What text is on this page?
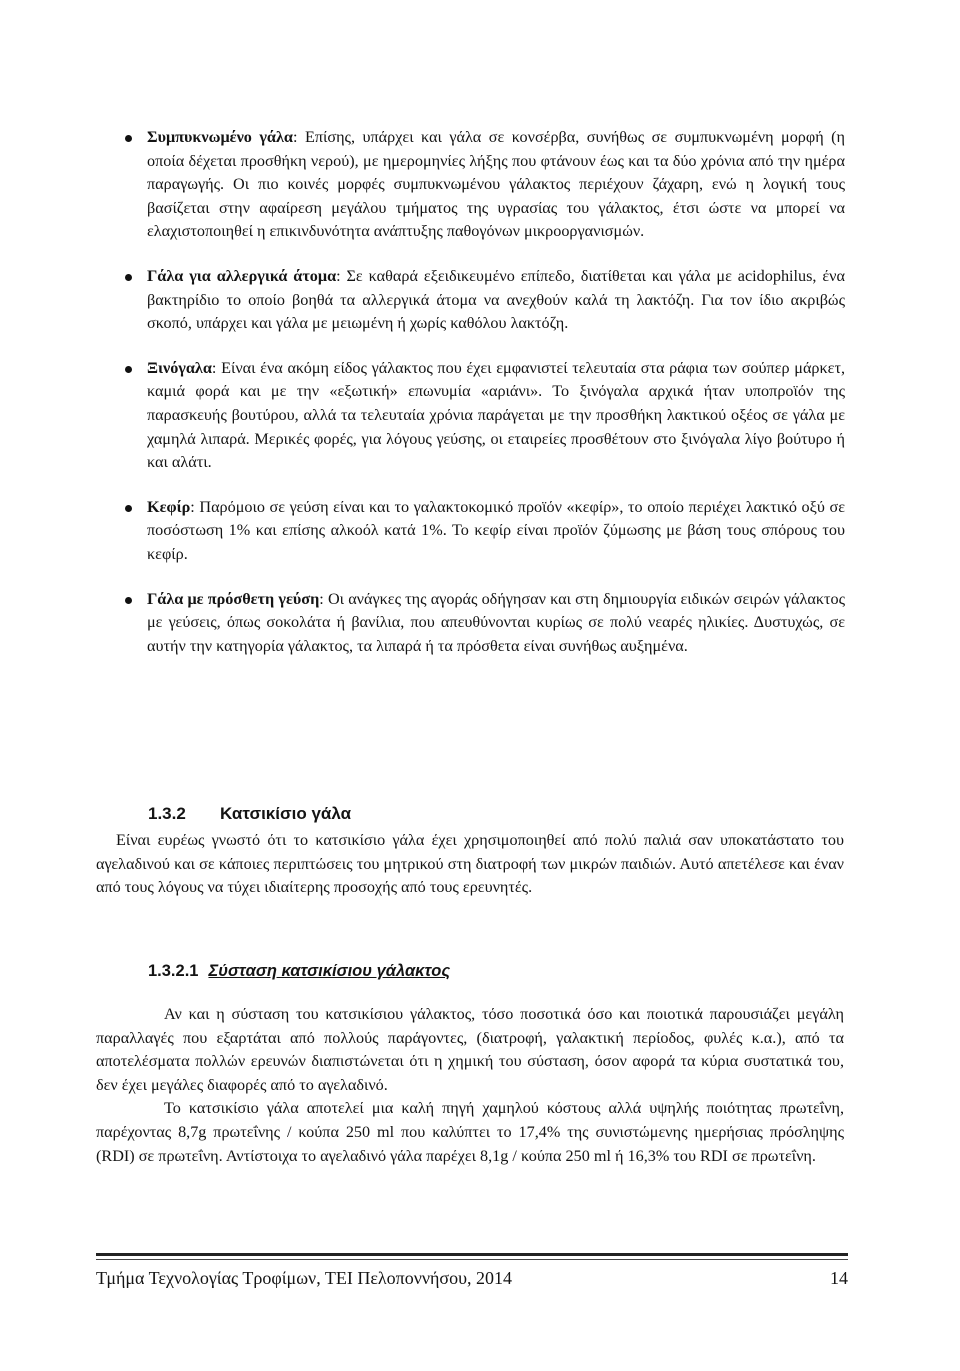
Συμπυκνωμένο γάλα: Επίσης, υπάρχει και γάλα σε κονσέρβα, συνήθως σε συμπυκνωμένη μορφή (η οποία δέχεται προσθήκη νερού), με ημερομηνίες λήξης που φτάνουν έως και τα δύο χρόνια από την ημέρα παραγωγής. Οι πιο κοινές μορφές συμπυκνωμένου γάλακτος περιέχουν ζάχαρη, ενώ η λογική τους βασίζεται στην αφαίρεση μεγάλου τμήματος της υγρασίας του γάλακτος, έτσι ώστε να μπορεί να ελαχιστοποιηθεί η επικινδυνότητα ανάπτυξης παθογόνων μικροοργανισμών.
Γάλα για αλλεργικά άτομα: Σε καθαρά εξειδικευμένο επίπεδο, διατίθεται και γάλα με acidophilus, ένα βακτηρίδιο το οποίο βοηθά τα αλλεργικά άτομα να ανεχθούν καλά τη λακτόζη. Για τον ίδιο ακριβώς σκοπό, υπάρχει και γάλα με μειωμένη ή χωρίς καθόλου λακτόζη.
Ξινόγαλα: Είναι ένα ακόμη είδος γάλακτος που έχει εμφανιστεί τελευταία στα ράφια των σούπερ μάρκετ, καμιά φορά και με την «εξωτική» επωνυμία «αριάνι». Το ξινόγαλα αρχικά ήταν υποπροϊόν της παρασκευής βουτύρου, αλλά τα τελευταία χρόνια παράγεται με την προσθήκη λακτικού οξέος σε γάλα με χαμηλά λιπαρά. Μερικές φορές, για λόγους γεύσης, οι εταιρείες προσθέτουν στο ξινόγαλα λίγο βούτυρο ή και αλάτι.
Κεφίρ: Παρόμοιο σε γεύση είναι και το γαλακτοκομικό προϊόν «κεφίρ», το οποίο περιέχει λακτικό οξύ σε ποσόστωση 1% και επίσης αλκοόλ κατά 1%. Το κεφίρ είναι προϊόν ζύμωσης με βάση τους σπόρους του κεφίρ.
Γάλα με πρόσθετη γεύση: Οι ανάγκες της αγοράς οδήγησαν και στη δημιουργία ειδικών σειρών γάλακτος με γεύσεις, όπως σοκολάτα ή βανίλια, που απευθύνονται κυρίως σε πολύ νεαρές ηλικίες. Δυστυχώς, σε αυτήν την κατηγορία γάλακτος, τα λιπαρά ή τα πρόσθετα είναι συνήθως αυξημένα.
1.3.2 Κατσικίσιο γάλα

Είναι ευρέως γνωστό ότι το κατσικίσιο γάλα έχει χρησιμοποιηθεί από πολύ παλιά σαν υποκατάστατο του αγελαδινού και σε κάποιες περιπτώσεις του μητρικού στη διατροφή των μικρών παιδιών. Αυτό απετέλεσε και έναν από τους λόγους να τύχει ιδιαίτερης προσοχής από τους ερευνητές.

1.3.2.1 Σύσταση κατσικίσιου γάλακτος

Αν και η σύσταση του κατσικίσιου γάλακτος, τόσο ποσοτικά όσο και ποιοτικά παρουσιάζει μεγάλη παραλλαγές που εξαρτάται από πολλούς παράγοντες, (διατροφή, γαλακτική περίοδος, φυλές κ.α.), από τα αποτελέσματα πολλών ερευνών διαπιστώνεται ότι η χημική του σύσταση, όσον αφορά τα κύρια συστατικά του, δεν έχει μεγάλες διαφορές από το αγελαδινό.

Το κατσικίσιο γάλα αποτελεί μια καλή πηγή χαμηλού κόστους αλλά υψηλής ποιότητας πρωτεΐνη, παρέχοντας 8,7g πρωτεΐνης / κούπα 250 ml που καλύπτει το 17,4% της συνιστώμενης ημερήσιας πρόσληψης (RDI) σε πρωτεΐνη. Αντίστοιχα το αγελαδινό γάλα παρέχει 8,1g / κούπα 250 ml ή 16,3% του RDI σε πρωτεΐνη.

Τμήμα Τεχνολογίας Τροφίμων, ΤΕΙ Πελοποννήσου, 2014	14
